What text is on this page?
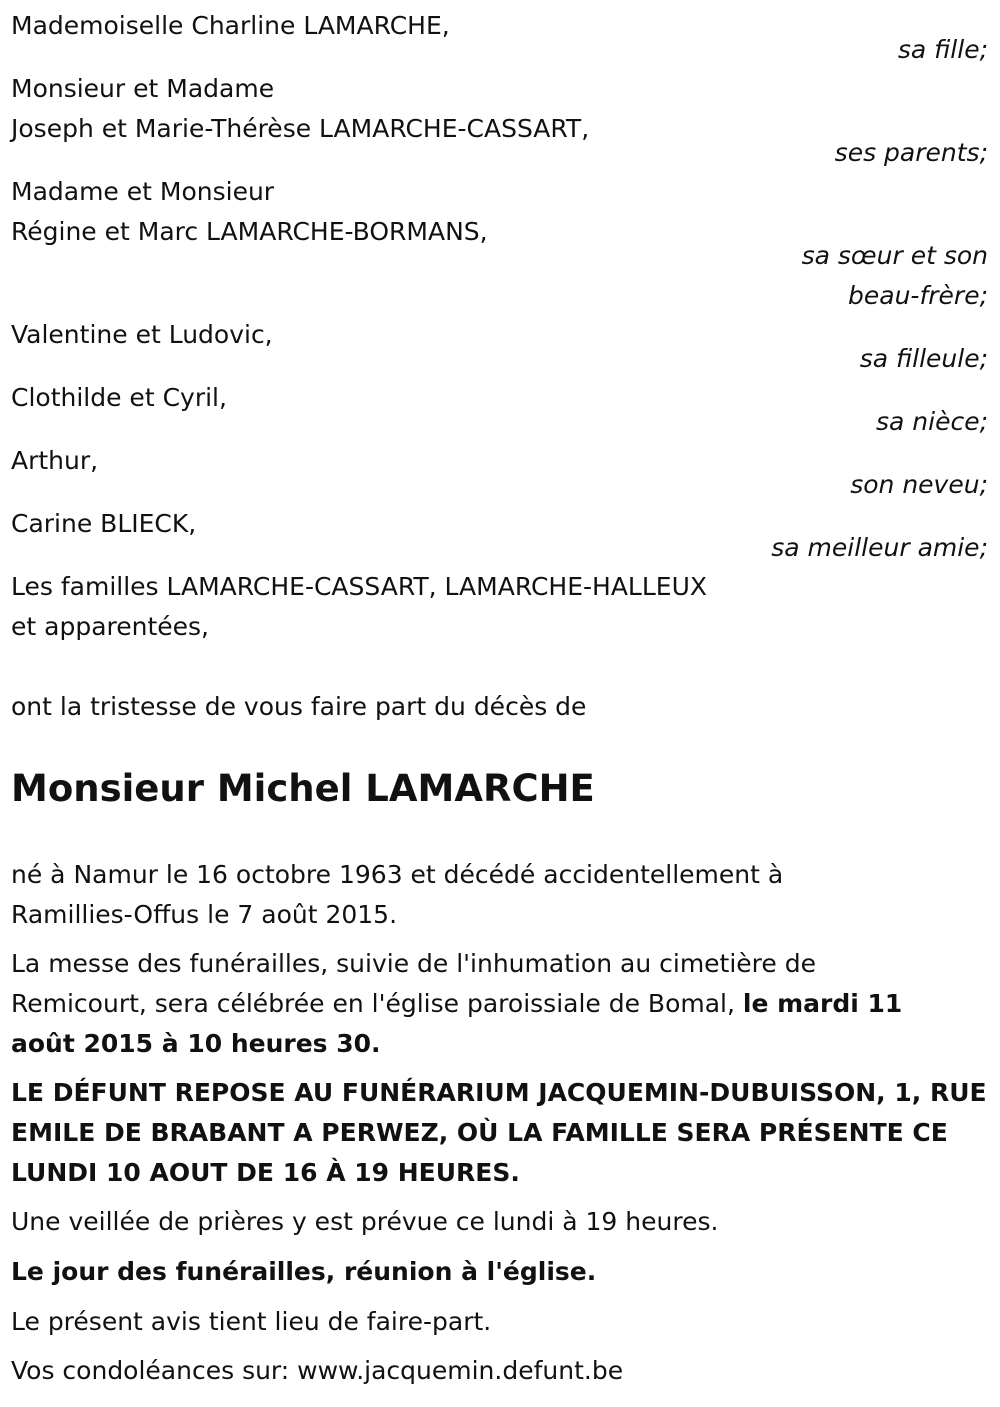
Mademoiselle Charline LAMARCHE,

sa fille;

Monsieur et Madame

Joseph et Marie-Thérèse LAMARCHE-CASSART,

ses parents;

Madame et Monsieur

Régine et Marc LAMARCHE-BORMANS,

sa sœur et son

beau-frère;

Valentine et Ludovic,

sa filleule;

Clothilde et Cyril,

sa nièce;

Arthur,

son neveu;

Carine BLIECK,

sa meilleur amie;

Les familles LAMARCHE-CASSART, LAMARCHE-HALLEUX

et apparentées,

ont la tristesse de vous faire part du décès de

Monsieur Michel LAMARCHE

né à Namur le 16 octobre 1963 et décédé accidentellement à

Ramillies-Offus le 7 août 2015.

La messe des funérailles, suivie de l'inhumation au cimetière de

Remicourt, sera célébrée en l'église paroissiale de Bomal, le mardi 11

août 2015 à 10 heures 30.

LE DÉFUNT REPOSE AU FUNÉRARIUM JACQUEMIN-DUBUISSON, 1, RUE

EMILE DE BRABANT A PERWEZ, OÙ LA FAMILLE SERA PRÉSENTE CE

LUNDI 10 AOUT DE 16 À 19 HEURES.

Une veillée de prières y est prévue ce lundi à 19 heures.

Le jour des funérailles, réunion à l'église.

Le présent avis tient lieu de faire-part.

Vos condoléances sur: www.jacquemin.defunt.be
